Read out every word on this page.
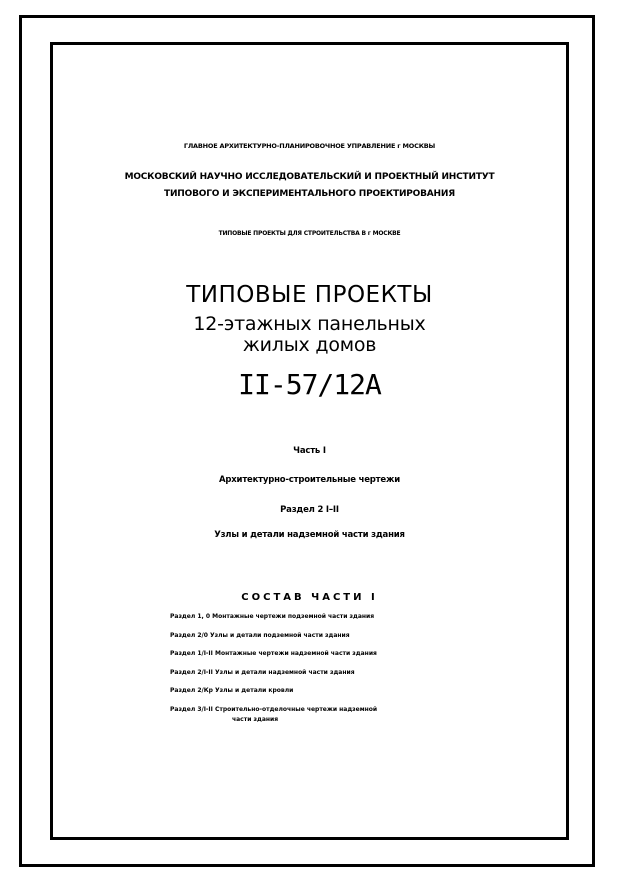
ГЛАВНОЕ АРХИТЕКТУРНО-ПЛАНИРОВОЧНОЕ УПРАВЛЕНИЕ г МОСКВЫ
МОСКОВСКИЙ НАУЧНО ИССЛЕДОВАТЕЛЬСКИЙ И ПРОЕКТНЫЙ ИНСТИТУТ
ТИПОВОГО И ЭКСПЕРИМЕНТАЛЬНОГО ПРОЕКТИРОВАНИЯ
ТИПОВЫЕ ПРОЕКТЫ ДЛЯ СТРОИТЕЛЬСТВА В г МОСКВЕ
ТИПОВЫЕ ПРОЕКТЫ
12-этажных панельных
жилых домов
II-57/12А
Часть I
Архитектурно-строительные чертежи
Раздел 2 I–II
Узлы и детали надземной части здания
СОСТАВ ЧАСТИ I
Раздел 1, 0 Монтажные чертежи подземной части здания
Раздел 2/0 Узлы и детали подземной части здания
Раздел 1/I-II Монтажные чертежи надземной части здания
Раздел 2/I-II Узлы и детали надземной части здания
Раздел 2/Кр Узлы и детали кровли
Раздел 3/I-II Строительно-отделочные чертежи надземной
части здания
